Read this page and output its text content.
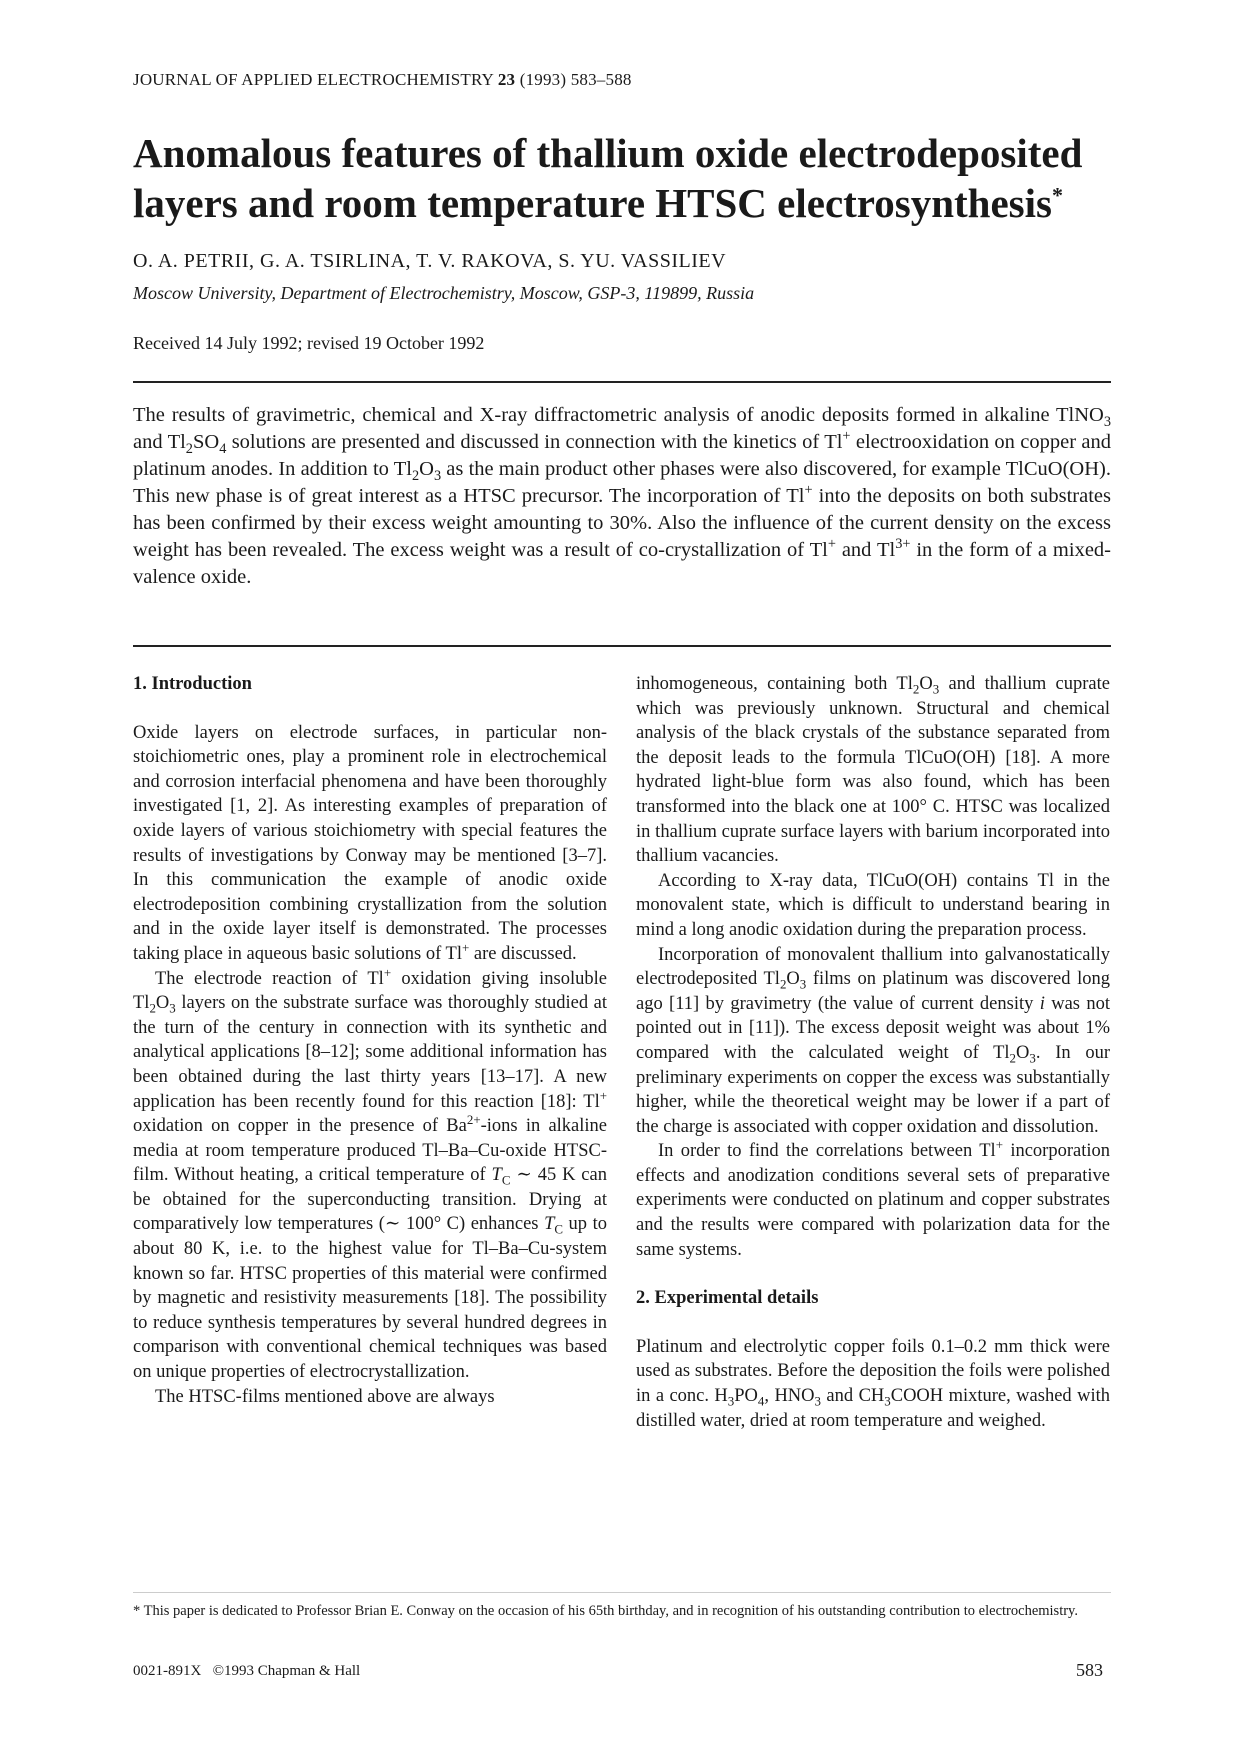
JOURNAL OF APPLIED ELECTROCHEMISTRY 23 (1993) 583–588
Anomalous features of thallium oxide electrodeposited layers and room temperature HTSC electrosynthesis*
O. A. PETRII, G. A. TSIRLINA, T. V. RAKOVA, S. YU. VASSILIEV
Moscow University, Department of Electrochemistry, Moscow, GSP-3, 119899, Russia
Received 14 July 1992; revised 19 October 1992

The results of gravimetric, chemical and X-ray diffractometric analysis of anodic deposits formed in alkaline TlNO$_3$ and $Tl_2SO_4$ solutions are presented and discussed in connection with the kinetics of Tl+ electrooxidation on copper and platinum anodes. In addition to $Tl_2O_3$ as the main product other phases were also discovered, for example TlCuO(OH). This new phase is of great interest as a HTSC precursor. The incorporation of Tl+ into the deposits on both substrates has been confirmed by their excess weight amounting to 30%. Also the influence of the current density on the excess weight has been revealed. The excess weight was a result of co-crystallization of Tl+ and $Tl^{3+}$ in the form of a mixed-valence oxide.

1. Introduction

Oxide layers on electrode surfaces, in particular non-stoichiometric ones, play a prominent role in electrochemical and corrosion interfacial phenomena and have been thoroughly investigated [1, 2]. As interesting examples of preparation of oxide layers of various stoichiometry with special features the results of investigations by Conway may be mentioned [3–7]. In this communication the example of anodic oxide electrodeposition combining crystallization from the solution and in the oxide layer itself is demonstrated. The processes taking place in aqueous basic solutions of Tl+ are discussed.

The electrode reaction of Tl+ oxidation giving insoluble $Tl_2O_3$ layers on the substrate surface was thoroughly studied at the turn of the century in connection with its synthetic and analytical applications [8–12]; some additional information has been obtained during the last thirty years [13–17]. A new application has been recently found for this reaction [18]: Tl+ oxidation on copper in the presence of $Ba^{2+}$-ions in alkaline media at room temperature produced Tl–Ba–Cu-oxide HTSC-film. Without heating, a critical temperature of $T_C$ ∼ 45 K can be obtained for the superconducting transition. Drying at comparatively low temperatures (∼ 100° C) enhances $T_C$ up to about 80 K, i.e. to the highest value for Tl–Ba–Cu-system known so far. HTSC properties of this material were confirmed by magnetic and resistivity measurements [18]. The possibility to reduce synthesis temperatures by several hundred degrees in comparison with conventional chemical techniques was based on unique properties of electrocrystallization.

The HTSC-films mentioned above are always

inhomogeneous, containing both $Tl_2O_3$ and thallium cuprate which was previously unknown. Structural and chemical analysis of the black crystals of the substance separated from the deposit leads to the formula TlCuO(OH) [18]. A more hydrated light-blue form was also found, which has been transformed into the black one at 100° C. HTSC was localized in thallium cuprate surface layers with barium incorporated into thallium vacancies.

According to X-ray data, TlCuO(OH) contains Tl in the monovalent state, which is difficult to understand bearing in mind a long anodic oxidation during the preparation process.

Incorporation of monovalent thallium into galvanostatically electrodeposited $Tl_2O_3$ films on platinum was discovered long ago [11] by gravimetry (the value of current density i was not pointed out in [11]). The excess deposit weight was about 1% compared with the calculated weight of $Tl_2O_3$. In our preliminary experiments on copper the excess was substantially higher, while the theoretical weight may be lower if a part of the charge is associated with copper oxidation and dissolution.

In order to find the correlations between Tl+ incorporation effects and anodization conditions several sets of preparative experiments were conducted on platinum and copper substrates and the results were compared with polarization data for the same systems.

2. Experimental details

Platinum and electrolytic copper foils 0.1–0.2 mm thick were used as substrates. Before the deposition the foils were polished in a conc. $H_3PO_4$, $HNO_3$ and $CH_3COOH$ mixture, washed with distilled water, dried at room temperature and weighed.

* This paper is dedicated to Professor Brian E. Conway on the occasion of his 65th birthday, and in recognition of his outstanding contribution to electrochemistry.
0021-891X ©1993 Chapman & Hall	583
